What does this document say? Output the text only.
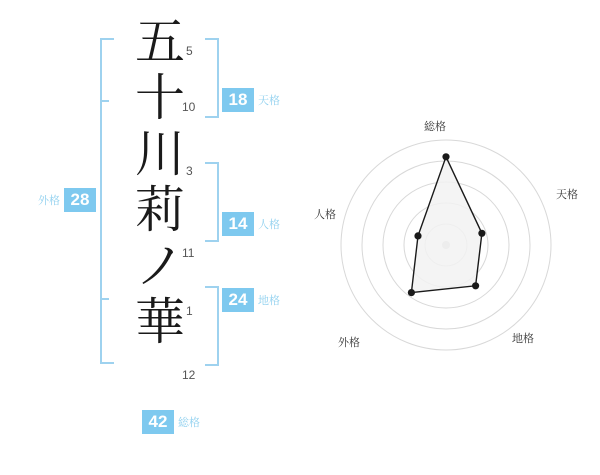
五
十
川
莉
ノ
華
5
10
3
11
1
12
18 天格
14 人格
24 地格
外格 28
42 総格
総格
天格
地格
外格
人格
